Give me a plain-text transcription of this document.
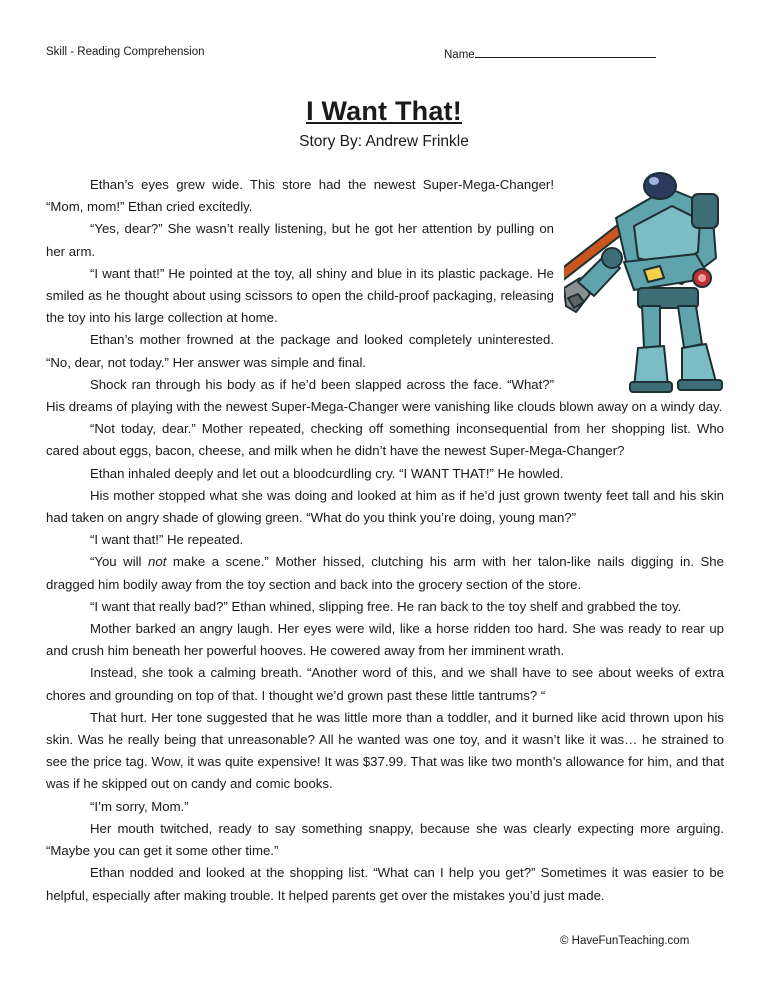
Skill - Reading Comprehension	Name
I Want That!
Story By: Andrew Frinkle

Ethan’s eyes grew wide. This store had the newest Super-Mega-Changer! “Mom, mom!” Ethan cried excitedly.

“Yes, dear?” She wasn’t really listening, but he got her attention by pulling on her arm.

“I want that!” He pointed at the toy, all shiny and blue in its plastic package. He smiled as he thought about using scissors to open the child-proof packaging, releasing the toy into his large collection at home.

Ethan’s mother frowned at the package and looked completely uninterested. “No, dear, not today.” Her answer was simple and final.

Shock ran through his body as if he’d been slapped across the face. “What?” His dreams of playing with the newest Super-Mega-Changer were vanishing like clouds blown away on a windy day.

“Not today, dear.” Mother repeated, checking off something inconsequential from her shopping list. Who cared about eggs, bacon, cheese, and milk when he didn’t have the newest Super-Mega-Changer?

Ethan inhaled deeply and let out a bloodcurdling cry. “I WANT THAT!” He howled.

His mother stopped what she was doing and looked at him as if he’d just grown twenty feet tall and his skin had taken on angry shade of glowing green. “What do you think you’re doing, young man?”

“I want that!” He repeated.

“You will not make a scene.” Mother hissed, clutching his arm with her talon-like nails digging in. She dragged him bodily away from the toy section and back into the grocery section of the store.

“I want that really bad?” Ethan whined, slipping free. He ran back to the toy shelf and grabbed the toy.

Mother barked an angry laugh. Her eyes were wild, like a horse ridden too hard. She was ready to rear up and crush him beneath her powerful hooves. He cowered away from her imminent wrath.

Instead, she took a calming breath. “Another word of this, and we shall have to see about weeks of extra chores and grounding on top of that. I thought we’d grown past these little tantrums? “

That hurt. Her tone suggested that he was little more than a toddler, and it burned like acid thrown upon his skin. Was he really being that unreasonable? All he wanted was one toy, and it wasn’t like it was… he strained to see the price tag. Wow, it was quite expensive! It was $37.99. That was like two month’s allowance for him, and that was if he skipped out on candy and comic books.

“I’m sorry, Mom.”

Her mouth twitched, ready to say something snappy, because she was clearly expecting more arguing. “Maybe you can get it some other time.”

Ethan nodded and looked at the shopping list. “What can I help you get?” Sometimes it was easier to be helpful, especially after making trouble. It helped parents get over the mistakes you’d just made.

© HaveFunTeaching.com
